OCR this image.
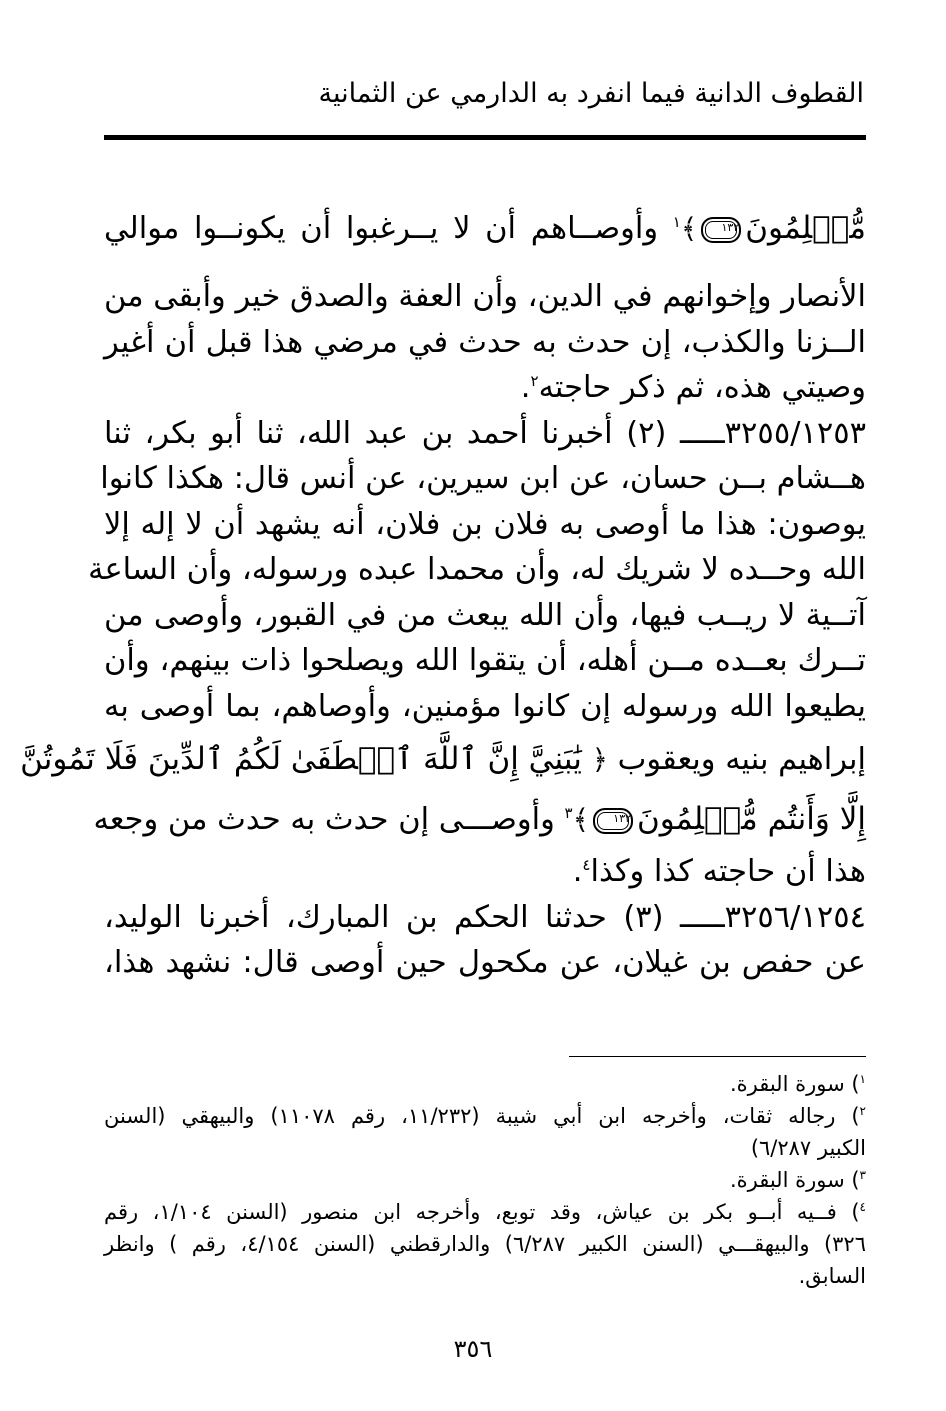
القطوف الدانية فيما انفرد به الدارمي عن الثمانية
مُّسۡلِمُونَ١٣٢﴾$^١$ وأوصــاهم أن لا يــرغبوا أن يكونــوا موالي
الأنصار وإخوانهم في الدين، وأن العفة والصدق خير وأبقى من
الــزنا والكذب، إن حدث به حدث في مرضي هذا قبل أن أغير
وصيتي هذه، ثم ذكر حاجته$^٢$.
٣٢٥٥/١٢٥٣ـــــ (٢) أخبرنا أحمد بن عبد الله، ثنا أبو بكر، ثنا
هــشام بــن حسان، عن ابن سيرين، عن أنس قال: هكذا كانوا
يوصون: هذا ما أوصى به فلان بن فلان، أنه يشهد أن لا إله إلا
الله وحــده لا شريك له، وأن محمدا عبده ورسوله، وأن الساعة
آتــية لا ريــب فيها، وأن الله يبعث من في القبور، وأوصى من
تــرك بعــده مــن أهله، أن يتقوا الله ويصلحوا ذات بينهم، وأن
يطيعوا الله ورسوله إن كانوا مؤمنين، وأوصاهم، بما أوصى به
إبراهيم بنيه ويعقوب ﴿ يَٰبَنِيَّ إِنَّ ٱللَّهَ ٱصۡطَفَىٰ لَكُمُ ٱلدِّينَ فَلَا تَمُوتُنَّ
إِلَّا وَأَنتُم مُّسۡلِمُونَ١٣٢﴾$^٣$ وأوصـــى إن حدث به حدث من وجعه
هذا أن حاجته كذا وكذا$^٤$.
٣٢٥٦/١٢٥٤ـــــ (٣) حدثنا الحكم بن المبارك، أخبرنا الوليد،
عن حفص بن غيلان، عن مكحول حين أوصى قال: نشهد هذا،
$^١$) سورة البقرة.
$^٢$) رجاله ثقات، وأخرجه ابن أبي شيبة (١١/٢٣٢، رقم ١١٠٧٨) والبيهقي (السنن
الكبير ٦/٢٨٧)
$^٣$) سورة البقرة.
$^٤$) فــيه أبــو بكر بن عياش، وقد توبع، وأخرجه ابن منصور (السنن ١/١٠٤، رقم
٣٢٦) والبيهقـــي (السنن الكبير ٦/٢٨٧) والدارقطني (السنن ٤/١٥٤، رقم ) وانظر
السابق.
٣٥٦
